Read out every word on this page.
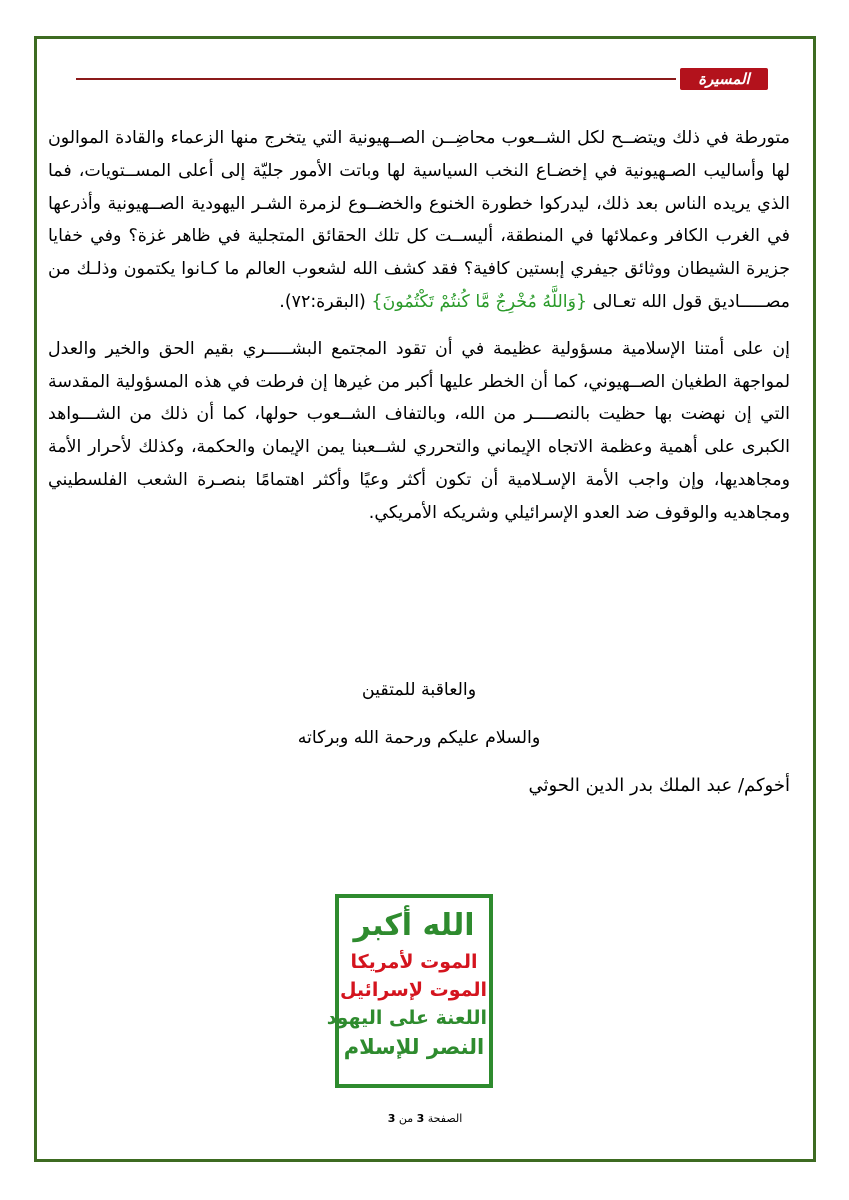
المسيرة

متورطة في ذلك ويتضــح لكل الشــعوب محاضِــن الصــهيونية التي يتخرج منها الزعماء والقادة الموالون لها وأساليب الصـهيونية في إخضـاع النخب السياسية لها وباتت الأمور جليّة إلى أعلى المســتويات، فما الذي يريده الناس بعد ذلك، ليدركوا خطورة الخنوع والخضــوع لزمرة الشـر اليهودية الصــهيونية وأذرعها في الغرب الكافر وعملائها في المنطقة، أليســت كل تلك الحقائق المتجلية في ظاهر غزة؟ وفي خفايا جزيرة الشيطان ووثائق جيفري إبستين كافية؟ فقد كشف الله لشعوب العالم ما كـانوا يكتمون وذلـك من مصـــــاديق قول الله تعـالى {وَاللَّهُ مُخْرِجٌ مَّا كُنتُمْ تَكْتُمُونَ} (البقرة:٧٢).

إن على أمتنا الإسلامية مسؤولية عظيمة في أن تقود المجتمع البشـــــري بقيم الحق والخير والعدل لمواجهة الطغيان الصــهيوني، كما أن الخطر عليها أكبر من غيرها إن فرطت في هذه المسؤولية المقدسة التي إن نهضت بها حظيت بالنصــــر من الله، وبالتفاف الشــعوب حولها، كما أن ذلك من الشـــواهد الكبرى على أهمية وعظمة الاتجاه الإيماني والتحرري لشــعبنا يمن الإيمان والحكمة، وكذلك لأحرار الأمة ومجاهديها، وإن واجب الأمة الإسـلامية أن تكون أكثر وعيًا وأكثر اهتمامًا بنصـرة الشعب الفلسطيني ومجاهديه والوقوف ضد العدو الإسرائيلي وشريكه الأمريكي.

والعاقبة للمتقين
والسلام عليكم ورحمة الله وبركاته
أخوكم/ عبد الملك بدر الدين الحوثي
الله أكبر
الموت لأمريكا
الموت لإسرائيل
اللعنة على اليهود
النصر للإسلام
الصفحة 3 من 3
